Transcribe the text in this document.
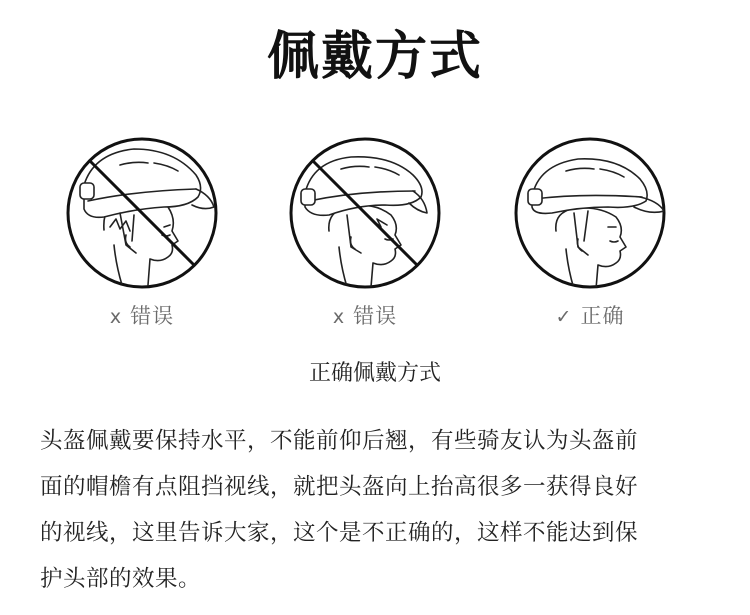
佩戴方式
x 错误	x 错误	✓ 正确
正确佩戴方式
头盔佩戴要保持水平，不能前仰后翘，有些骑友认为头盔前
面的帽檐有点阻挡视线，就把头盔向上抬高很多一获得良好
的视线，这里告诉大家，这个是不正确的，这样不能达到保
护头部的效果。
